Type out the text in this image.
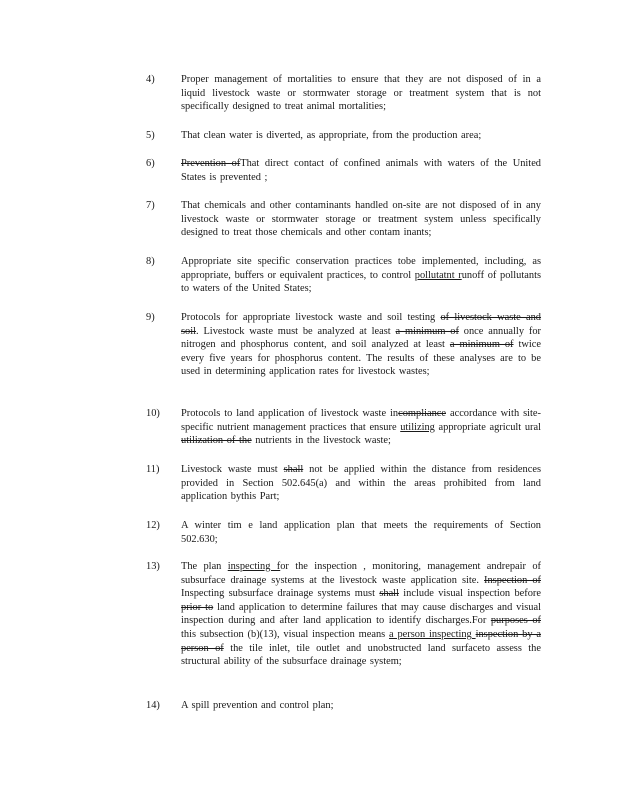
4)	Proper management of mortalities to ensure that they are not disposed of in a liquid livestock waste or stormwater storage or treatment system that is not specifically designed to treat animal mortalities;
5)	That clean water is diverted, as appropriate, from the production area;
6)	Prevention ofThat direct contact of confined animals with waters of the United States is prevented ;
7)	That chemicals and other contaminants handled on-site are not disposed of in any livestock waste or stormwater storage or treatment system unless specifically designed to treat those chemicals and other contam inants;
8)	Appropriate site specific conservation practices tobe implemented, including, as appropriate, buffers or equivalent practices, to control pollutatnt runoff of pollutants to waters of the United States;
9)	Protocols for appropriate livestock waste and soil testing of livestock waste and soil. Livestock waste must be analyzed at least a minimum of once annually for nitrogen and phosphorus content, and soil analyzed at least a minimum of twice every five years for phosphorus content. The results of these analyses are to be used in determining application rates for livestock wastes;
10)	Protocols to land application of livestock waste incompliance accordance with site-specific nutrient management practices that ensure utilizing appropriate agricult ural utilization of the nutrients in the livestock waste;
11)	Livestock waste must shall not be applied within the distance from residences provided in Section 502.645(a) and within the areas prohibited from land application bythis Part;
12)	A winter tim e land application plan that meets the requirements of Section 502.630;
13)	The plan inspecting for the inspection , monitoring, management andrepair of subsurface drainage systems at the livestock waste application site. Inspection of Inspecting subsurface drainage systems must shall include visual inspection before prior to land application to determine failures that may cause discharges and visual inspection during and after land application to identify discharges.For purposes of this subsection (b)(13), visual inspection means a person inspecting inspection by a person of the tile inlet, tile outlet and unobstructed land surfaceto assess the structural ability of the subsurface drainage system;
14)	A spill prevention and control plan;
